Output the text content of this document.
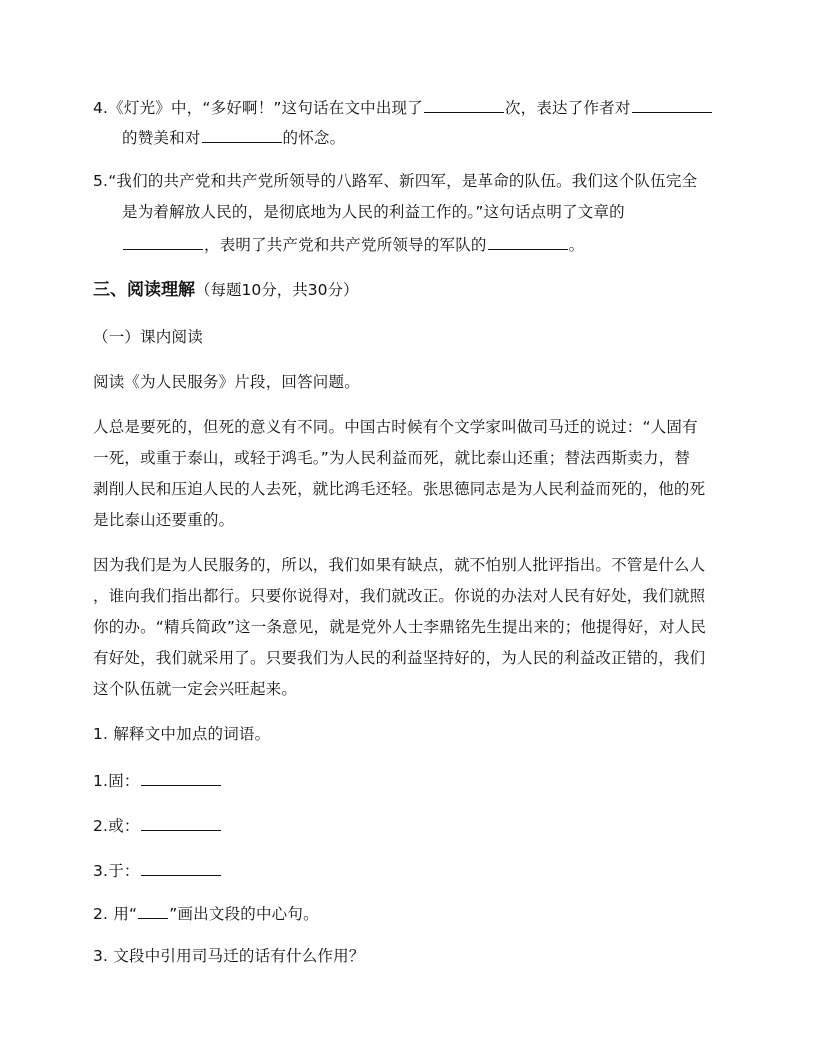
4.《灯光》中，“多好啊！”这句话在文中出现了	次，表达了作者对
的赞美和对	的怀念。
5.“我们的共产党和共产党所领导的八路军、新四军，是革命的队伍。我们这个队伍完全
是为着解放人民的，是彻底地为人民的利益工作的。”这句话点明了文章的
，表明了共产党和共产党所领导的军队的	。
三、阅读理解（每题10分，共30分）
（一）课内阅读
阅读《为人民服务》片段，回答问题。
人总是要死的，但死的意义有不同。中国古时候有个文学家叫做司马迁的说过：“人固有
一死，或重于泰山，或轻于鸿毛。”为人民利益而死，就比泰山还重；替法西斯卖力，替
剥削人民和压迫人民的人去死，就比鸿毛还轻。张思德同志是为人民利益而死的，他的死
是比泰山还要重的。
因为我们是为人民服务的，所以，我们如果有缺点，就不怕别人批评指出。不管是什么人
，谁向我们指出都行。只要你说得对，我们就改正。你说的办法对人民有好处，我们就照
你的办。“精兵简政”这一条意见，就是党外人士李鼎铭先生提出来的；他提得好，对人民
有好处，我们就采用了。只要我们为人民的利益坚持好的，为人民的利益改正错的，我们
这个队伍就一定会兴旺起来。
1. 解释文中加点的词语。
1.固：
2.或：
3.于：
2. 用“ ”画出文段的中心句。
3. 文段中引用司马迁的话有什么作用？
